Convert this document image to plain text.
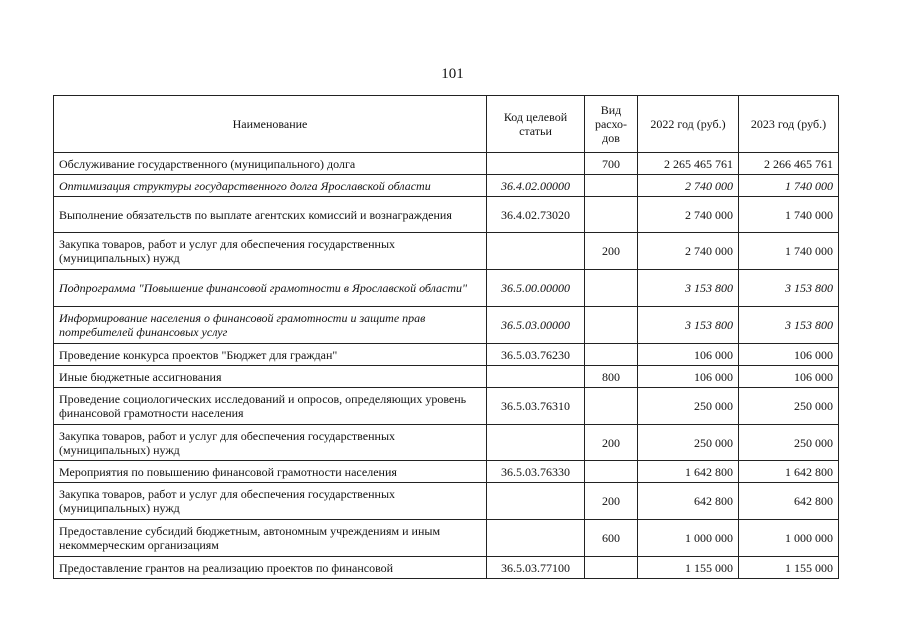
101
Наименование	Код целевой статьи	Вид расхо-дов	2022 год (руб.)	2023 год (руб.)
Обслуживание государственного (муниципального) долга		700	2 265 465 761	2 266 465 761
Оптимизация структуры государственного долга Ярославской области	36.4.02.00000		2 740 000	1 740 000
Выполнение обязательств по выплате агентских комиссий и вознаграждения	36.4.02.73020		2 740 000	1 740 000
Закупка товаров, работ и услуг для обеспечения государственных (муниципальных) нужд		200	2 740 000	1 740 000
Подпрограмма "Повышение финансовой грамотности в Ярославской области"	36.5.00.00000		3 153 800	3 153 800
Информирование населения о финансовой грамотности и защите прав потребителей финансовых услуг	36.5.03.00000		3 153 800	3 153 800
Проведение конкурса проектов "Бюджет для граждан"	36.5.03.76230		106 000	106 000
Иные бюджетные ассигнования		800	106 000	106 000
Проведение социологических исследований и опросов, определяющих уровень финансовой грамотности населения	36.5.03.76310		250 000	250 000
Закупка товаров, работ и услуг для обеспечения государственных (муниципальных) нужд		200	250 000	250 000
Мероприятия по повышению финансовой грамотности населения	36.5.03.76330		1 642 800	1 642 800
Закупка товаров, работ и услуг для обеспечения государственных (муниципальных) нужд		200	642 800	642 800
Предоставление субсидий бюджетным, автономным учреждениям и иным некоммерческим организациям		600	1 000 000	1 000 000
Предоставление грантов на реализацию проектов по финансовой	36.5.03.77100		1 155 000	1 155 000
